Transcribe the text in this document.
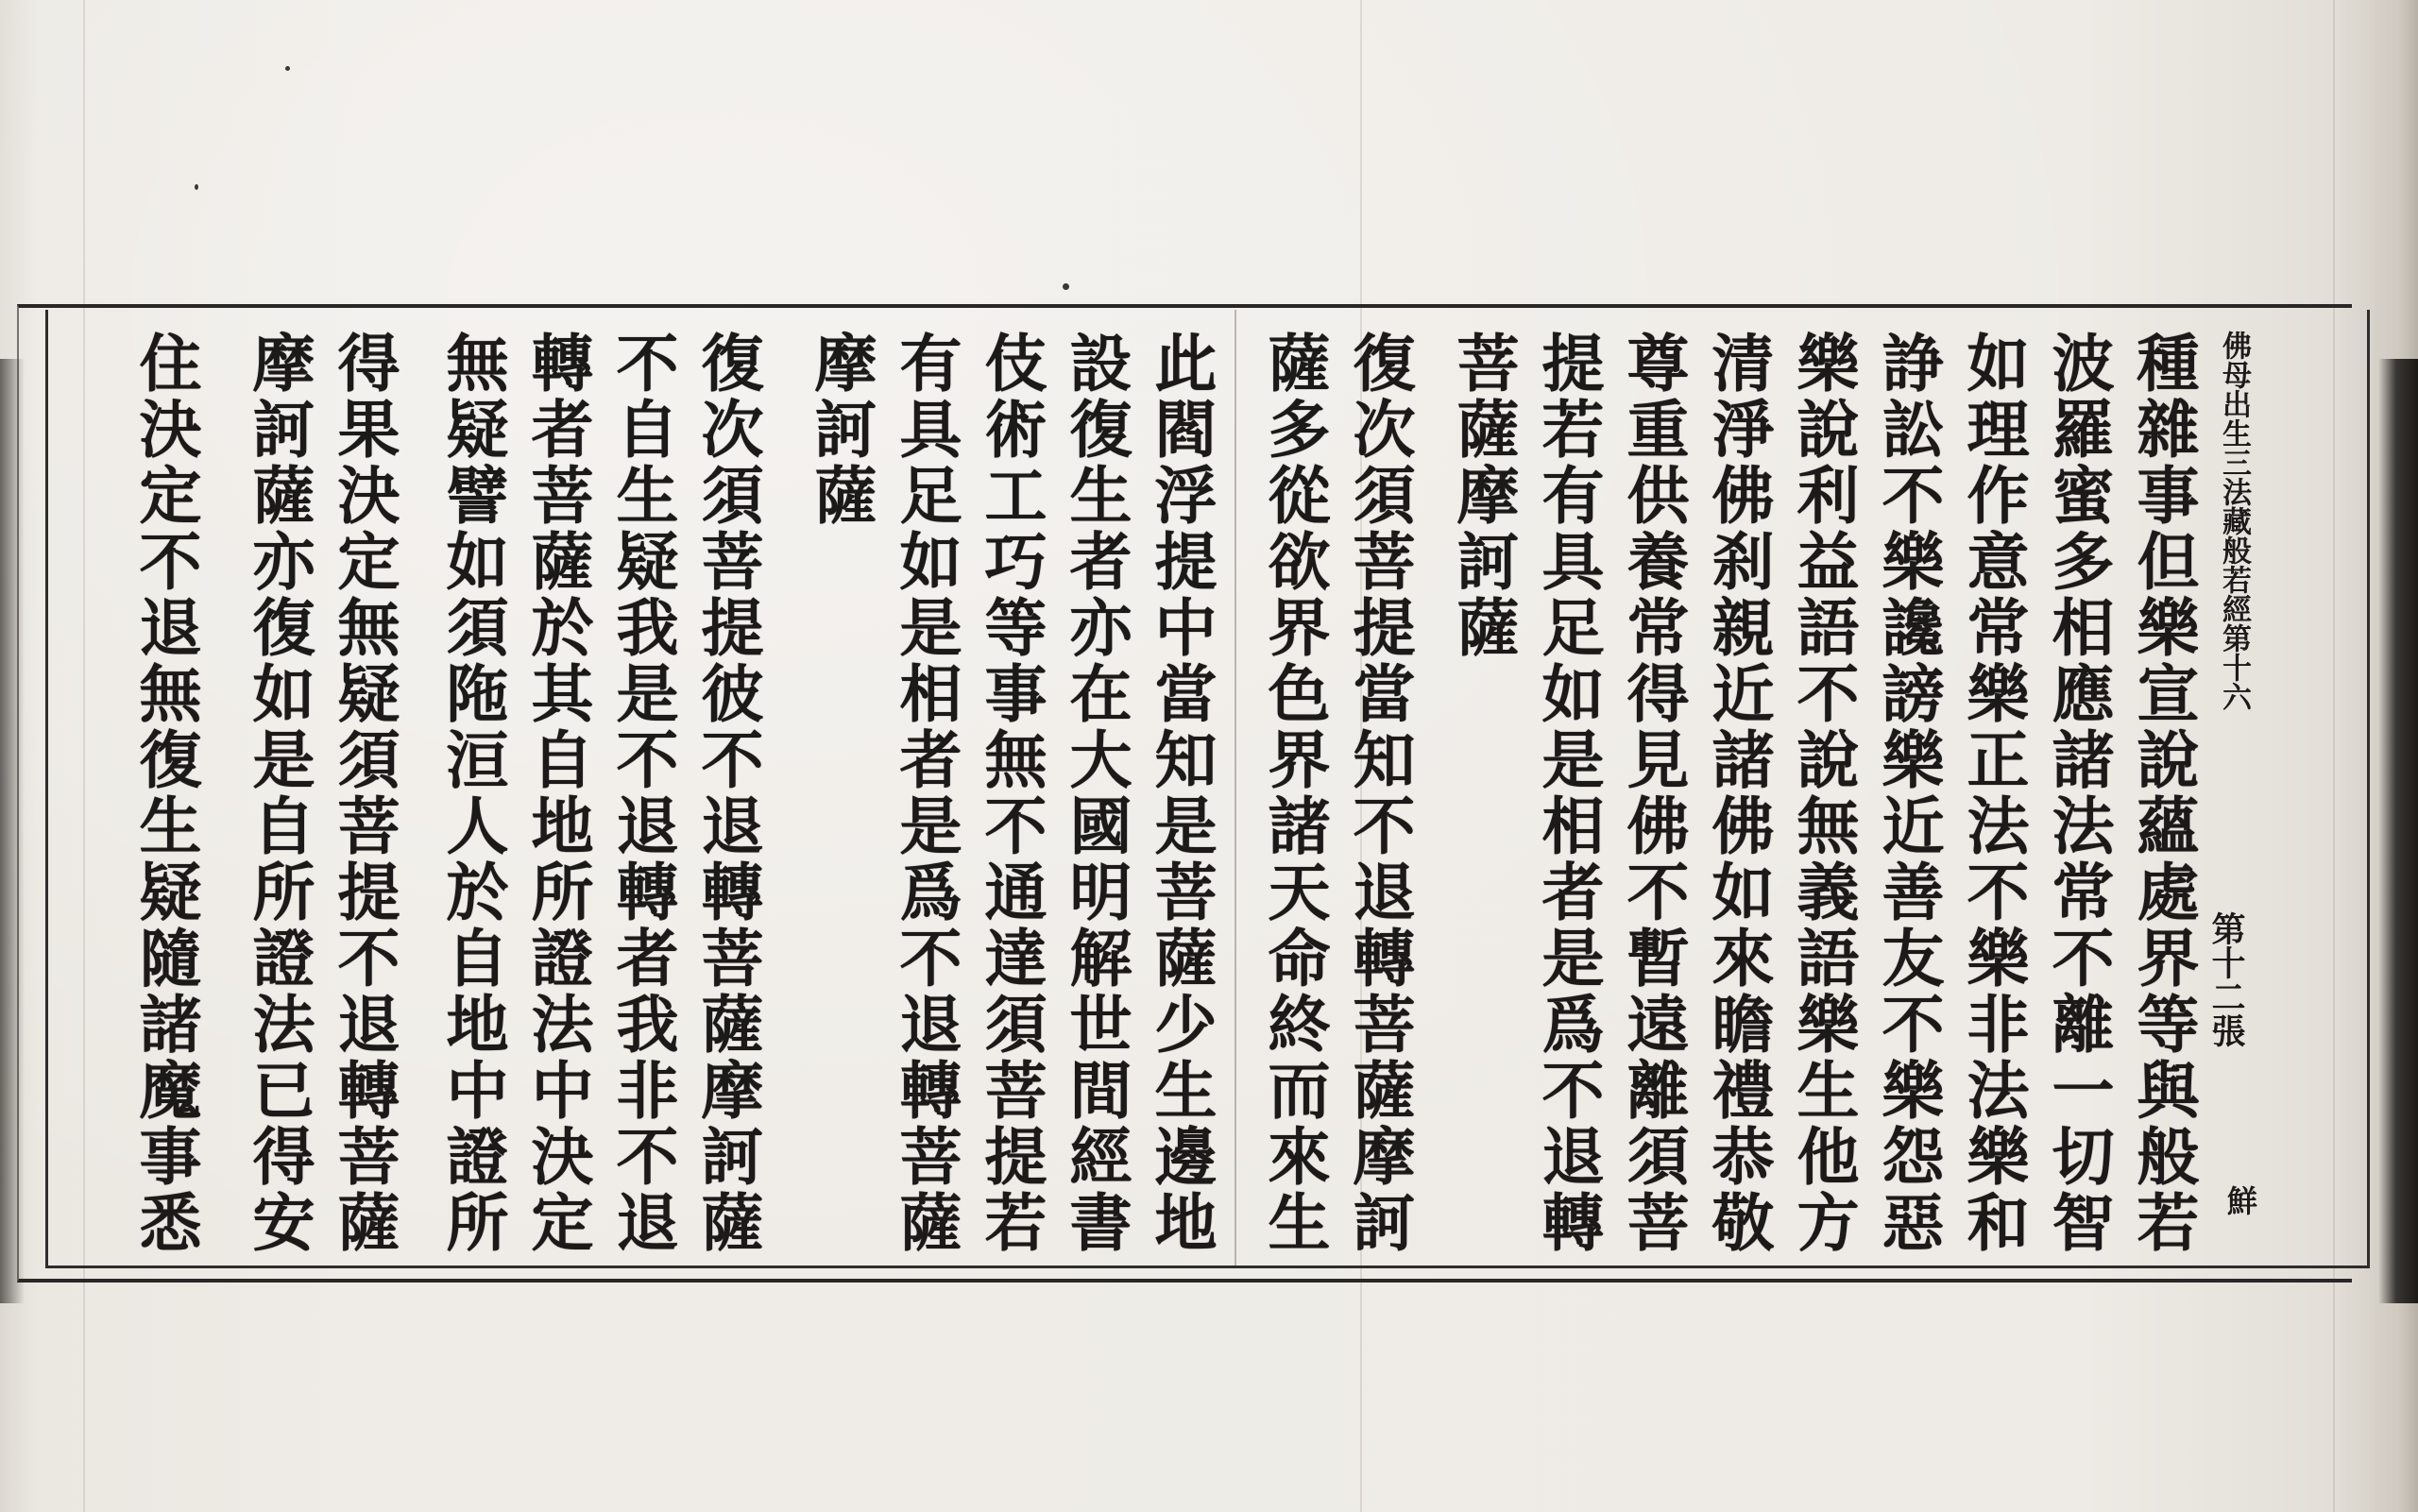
佛母出生三法藏般若經第十六
第十二張
鮮
種雜事但樂宣說蘊處界等與般若
波羅蜜多相應諸法常不離一切智
如理作意常樂正法不樂非法樂和
諍訟不樂讒謗樂近善友不樂怨惡
樂說利益語不說無義語樂生他方
清淨佛刹親近諸佛如來瞻禮恭敬
尊重供養常得見佛不暫遠離須菩
提若有具足如是相者是爲不退轉
菩薩摩訶薩
復次須菩提當知不退轉菩薩摩訶
薩多從欲界色界諸天命終而來生
此閻浮提中當知是菩薩少生邊地
設復生者亦在大國明解世間經書
伎術工巧等事無不通達須菩提若
有具足如是相者是爲不退轉菩薩
摩訶薩
復次須菩提彼不退轉菩薩摩訶薩
不自生疑我是不退轉者我非不退
轉者菩薩於其自地所證法中決定
無疑譬如須陁洹人於自地中證所
得果決定無疑須菩提不退轉菩薩
摩訶薩亦復如是自所證法已得安
住決定不退無復生疑隨諸魔事悉
